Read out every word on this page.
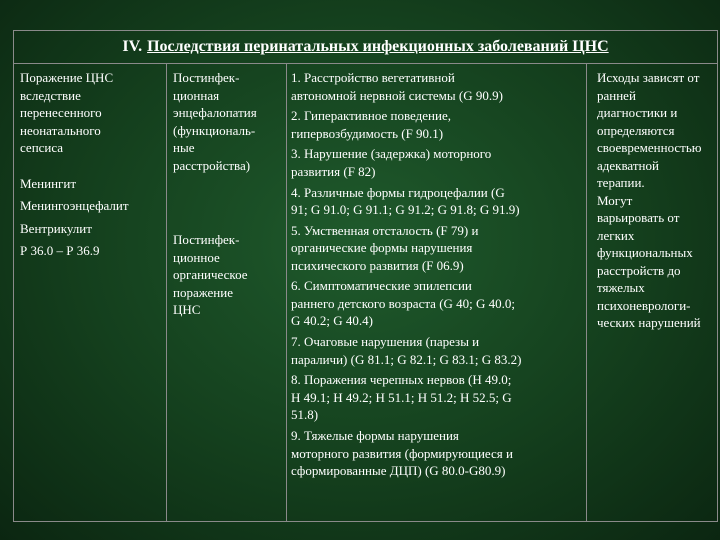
IV. Последствия перинатальных инфекционных заболеваний ЦНС
Поражение ЦНС
вследствие
перенесенного
неонатального
сепсиса
Менингит
Менингоэнцефалит
Вентрикулит
Р 36.0 – Р 36.9
Постинфек-
ционная
энцефалопатия
(функциональ-
ные
расстройства)
Постинфек-
ционное
органическое
поражение
ЦНС
1. Расстройство вегетативной
автономной нервной системы (G 90.9)
2. Гиперактивное поведение,
гипервозбудимость (F 90.1)
3. Нарушение (задержка) моторного
развития (F 82)
4. Различные формы гидроцефалии (G
91; G 91.0; G 91.1; G 91.2; G 91.8; G 91.9)
5. Умственная отсталость (F 79) и
органические формы нарушения
психического развития (F 06.9)
6. Симптоматические эпилепсии
раннего детского возраста (G 40; G 40.0;
G 40.2; G 40.4)
7. Очаговые нарушения (парезы и
параличи) (G 81.1; G 82.1; G 83.1; G 83.2)
8. Поражения черепных нервов (H 49.0;
H 49.1; H 49.2; H 51.1; H 51.2; H 52.5; G
51.8)
9. Тяжелые формы нарушения
моторного развития (формирующиеся и
сформированные ДЦП) (G 80.0-G80.9)
Исходы зависят от
ранней
диагностики и
определяются
своевременностью
адекватной
терапии.
Могут
варьировать от
легких
функциональных
расстройств до
тяжелых
психоневрологи-
ческих нарушений
